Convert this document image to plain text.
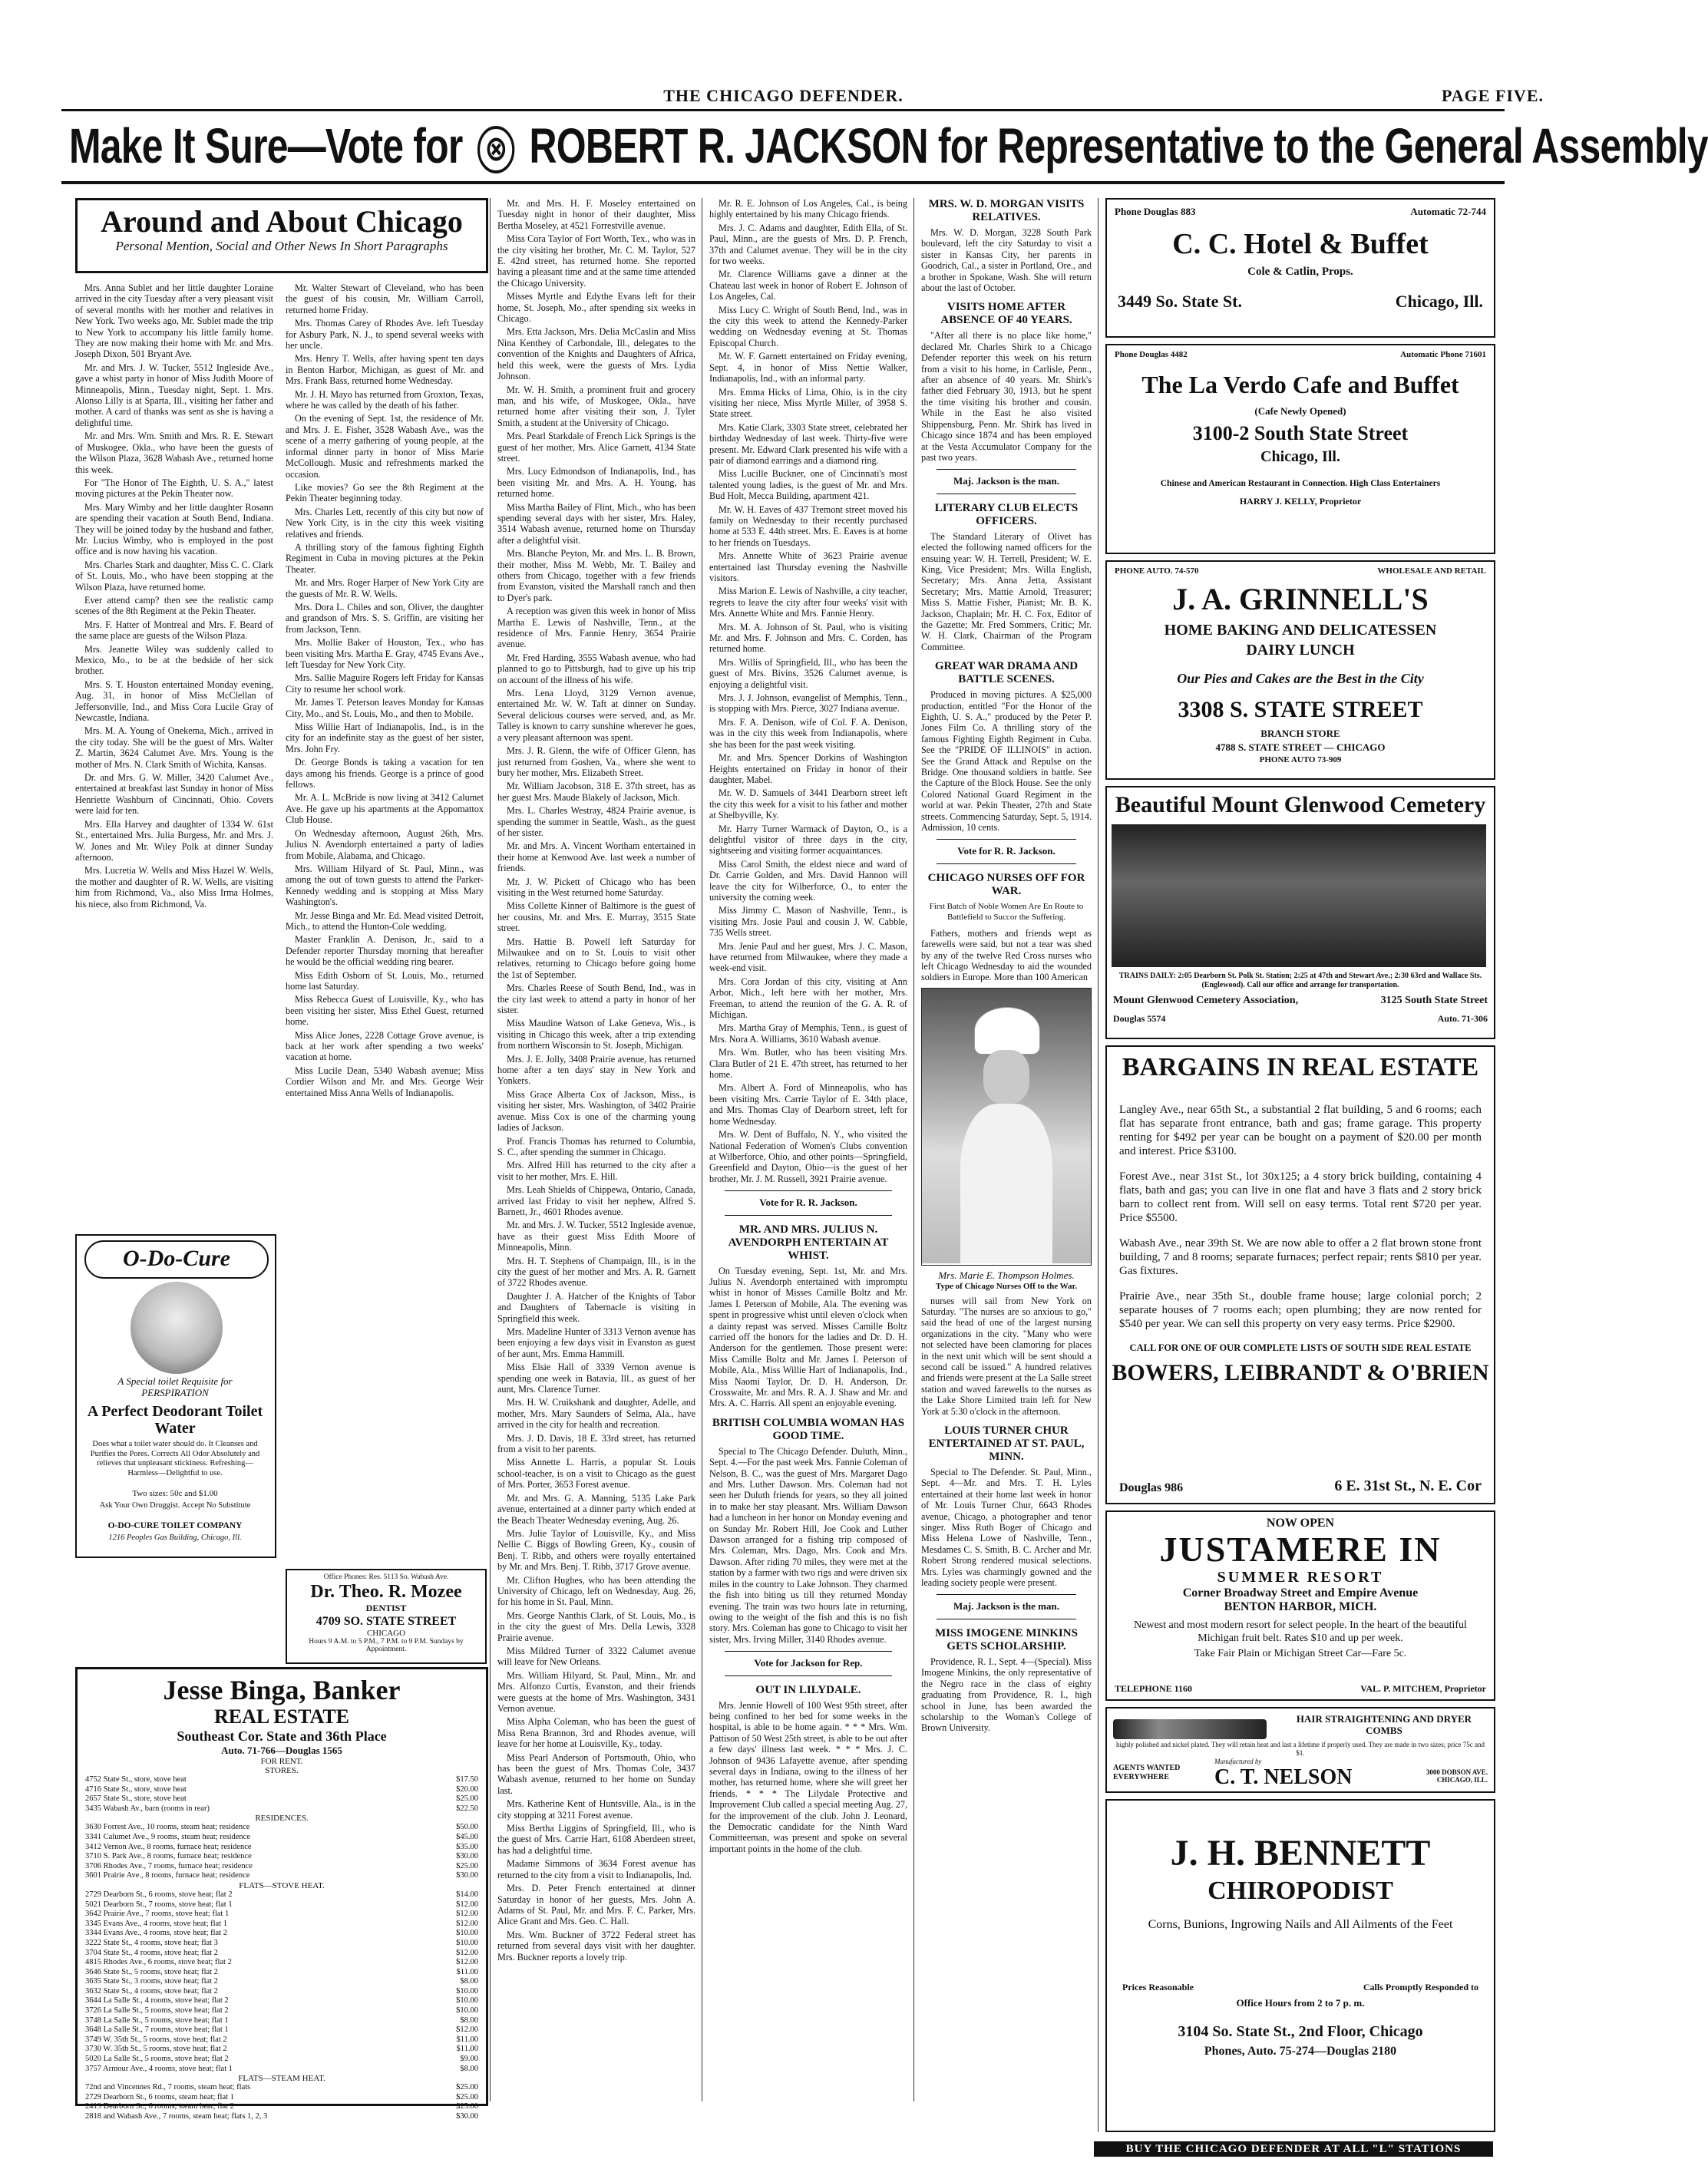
THE CHICAGO DEFENDER.	PAGE FIVE.
Make It Sure—Vote for ⊗ ROBERT R. JACKSON for Representative to the General Assembly
Around and About Chicago
Personal Mention, Social and Other News In Short Paragraphs

Mrs. Anna Sublet and her little daughter Loraine arrived in the city Tuesday after a very pleasant visit of several months with her mother and relatives in New York. Two weeks ago, Mr. Sublet made the trip to New York to accompany his little family home. They are now making their home with Mr. and Mrs. Joseph Dixon, 501 Bryant Ave.

Mr. and Mrs. J. W. Tucker, 5512 Ingleside Ave., gave a whist party in honor of Miss Judith Moore of Minneapolis, Minn., Tuesday night, Sept. 1. Mrs. Alonso Lilly is at Sparta, Ill., visiting her father and mother. A card of thanks was sent as she is having a delightful time.

Mr. and Mrs. Wm. Smith and Mrs. R. E. Stewart of Muskogee, Okla., who have been the guests of the Wilson Plaza, 3628 Wabash Ave., returned home this week.

For "The Honor of The Eighth, U. S. A.," latest moving pictures at the Pekin Theater now.

Mrs. Mary Wimby and her little daughter Rosann are spending their vacation at South Bend, Indiana. They will be joined today by the husband and father, Mr. Lucius Wimby, who is employed in the post office and is now having his vacation.

Mrs. Charles Stark and daughter, Miss C. C. Clark of St. Louis, Mo., who have been stopping at the Wilson Plaza, have returned home.

Ever attend camp? then see the realistic camp scenes of the 8th Regiment at the Pekin Theater.

Mrs. F. Hatter of Montreal and Mrs. F. Beard of the same place are guests of the Wilson Plaza.

Mrs. Jeanette Wiley was suddenly called to Mexico, Mo., to be at the bedside of her sick brother.

Mrs. S. T. Houston entertained Monday evening, Aug. 31, in honor of Miss McClellan of Jeffersonville, Ind., and Miss Cora Lucile Gray of Newcastle, Indiana.

Mrs. M. A. Young of Onekema, Mich., arrived in the city today. She will be the guest of Mrs. Walter Z. Martin, 3624 Calumet Ave. Mrs. Young is the mother of Mrs. N. Clark Smith of Wichita, Kansas.

Dr. and Mrs. G. W. Miller, 3420 Calumet Ave., entertained at breakfast last Sunday in honor of Miss Henriette Washburn of Cincinnati, Ohio. Covers were laid for ten.

Mrs. Ella Harvey and daughter of 1334 W. 61st St., entertained Mrs. Julia Burgess, Mr. and Mrs. J. W. Jones and Mr. Wiley Polk at dinner Sunday afternoon.

Mrs. Lucretia W. Wells and Miss Hazel W. Wells, the mother and daughter of R. W. Wells, are visiting him from Richmond, Va., also Miss Irma Holmes, his niece, also from Richmond, Va.

Mr. Walter Stewart of Cleveland, who has been the guest of his cousin, Mr. William Carroll, returned home Friday.

Mrs. Thomas Carey of Rhodes Ave. left Tuesday for Asbury Park, N. J., to spend several weeks with her uncle.

Mrs. Henry T. Wells, after having spent ten days in Benton Harbor, Michigan, as guest of Mr. and Mrs. Frank Bass, returned home Wednesday.

Mr. J. H. Mayo has returned from Groxton, Texas, where he was called by the death of his father.

On the evening of Sept. 1st, the residence of Mr. and Mrs. J. E. Fisher, 3528 Wabash Ave., was the scene of a merry gathering of young people, at the informal dinner party in honor of Miss Marie McCollough. Music and refreshments marked the occasion.

Like movies? Go see the 8th Regiment at the Pekin Theater beginning today.

Mrs. Charles Lett, recently of this city but now of New York City, is in the city this week visiting relatives and friends.

A thrilling story of the famous fighting Eighth Regiment in Cuba in moving pictures at the Pekin Theater.

Mr. and Mrs. Roger Harper of New York City are the guests of Mr. R. W. Wells.

Mrs. Dora L. Chiles and son, Oliver, the daughter and grandson of Mrs. S. S. Griffin, are visiting her from Jackson, Tenn.

Mrs. Mollie Baker of Houston, Tex., who has been visiting Mrs. Martha E. Gray, 4745 Evans Ave., left Tuesday for New York City.

Mrs. Sallie Maguire Rogers left Friday for Kansas City to resume her school work.

Mr. James T. Peterson leaves Monday for Kansas City, Mo., and St. Louis, Mo., and then to Mobile.

Miss Willie Hart of Indianapolis, Ind., is in the city for an indefinite stay as the guest of her sister, Mrs. John Fry.

Dr. George Bonds is taking a vacation for ten days among his friends. George is a prince of good fellows.

Mr. A. L. McBride is now living at 3412 Calumet Ave. He gave up his apartments at the Appomattox Club House.

On Wednesday afternoon, August 26th, Mrs. Julius N. Avendorph entertained a party of ladies from Mobile, Alabama, and Chicago.

Mrs. William Hilyard of St. Paul, Minn., was among the out of town guests to attend the Parker-Kennedy wedding and is stopping at Miss Mary Washington's.

Mr. Jesse Binga and Mr. Ed. Mead visited Detroit, Mich., to attend the Hunton-Cole wedding.

Master Franklin A. Denison, Jr., said to a Defender reporter Thursday morning that hereafter he would be the official wedding ring bearer.

Miss Edith Osborn of St. Louis, Mo., returned home last Saturday.

Miss Rebecca Guest of Louisville, Ky., who has been visiting her sister, Miss Ethel Guest, returned home.

Miss Alice Jones, 2228 Cottage Grove avenue, is back at her work after spending a two weeks' vacation at home.

Miss Lucile Dean, 5340 Wabash avenue; Miss Cordier Wilson and Mr. and Mrs. George Weir entertained Miss Anna Wells of Indianapolis.

O-Do-Cure
A Special toilet Requisite for PERSPIRATION
A Perfect Deodorant Toilet Water
Does what a toilet water should do. It Cleanses and Purifies the Pores. Corrects All Odor Absolutely and relieves that unpleasant stickiness. Refreshing—Harmless—Delightful to use.
Two sizes: 50c and $1.00
Ask Your Own Druggist. Accept No Substitute
O-DO-CURE TOILET COMPANY
1216 Peoples Gas Building, Chicago, Ill.
Office Phones: Res. 5113 So. Wabash Ave.
Dr. Theo. R. Mozee
DENTIST
4709 SO. STATE STREET
CHICAGO
Hours 9 A.M. to 5 P.M., 7 P.M. to 9 P.M. Sundays by Appointment.
Jesse Binga, Banker
REAL ESTATE
Southeast Cor. State and 36th Place
Auto. 71-766—Douglas 1565
FOR RENT.
STORES.
4752 State St., store, stove heat	$17.50
4716 State St., store, stove heat	$20.00
2657 State St., store, stove heat	$25.00
3435 Wabash Av., barn (rooms in rear)	$22.50
RESIDENCES.
3630 Forrest Ave., 10 rooms, steam heat; residence	$50.00
3341 Calumet Ave., 9 rooms, steam heat; residence	$45.00
3412 Vernon Ave., 8 rooms, furnace heat; residence	$35.00
3710 S. Park Ave., 8 rooms, furnace heat; residence	$30.00
3706 Rhodes Ave., 7 rooms, furnace heat; residence	$25.00
3601 Prairie Ave., 8 rooms, furnace heat; residence	$30.00
FLATS—STOVE HEAT.
2729 Dearborn St., 6 rooms, stove heat; flat 2	$14.00
5021 Dearborn St., 7 rooms, stove heat; flat 1	$12.00
3642 Prairie Ave., 7 rooms, stove heat; flat 1	$12.00
3345 Evans Ave., 4 rooms, stove heat; flat 1	$12.00
3344 Evans Ave., 4 rooms, stove heat; flat 2	$10.00
3222 State St., 4 rooms, stove heat; flat 3	$10.00
3704 State St., 4 rooms, stove heat; flat 2	$12.00
4815 Rhodes Ave., 6 rooms, stove heat; flat 2	$12.00
3646 State St., 5 rooms, stove heat; flat 2	$11.00
3635 State St., 3 rooms, stove heat; flat 2	$8.00
3632 State St., 4 rooms, stove heat; flat 2	$10.00
3644 La Salle St., 4 rooms, stove heat; flat 2	$10.00
3726 La Salle St., 5 rooms, stove heat; flat 2	$10.00
3748 La Salle St., 5 rooms, stove heat; flat 1	$8.00
3648 La Salle St., 7 rooms, stove heat; flat 1	$12.00
3749 W. 35th St., 5 rooms, stove heat; flat 2	$11.00
3730 W. 35th St., 5 rooms, stove heat; flat 2	$11.00
5020 La Salle St., 5 rooms, stove heat; flat 2	$9.00
3757 Armour Ave., 4 rooms, stove heat; flat 1	$8.00
FLATS—STEAM HEAT.
72nd and Vincennes Rd., 7 rooms, steam heat; flats	$25.00
2729 Dearborn St., 6 rooms, steam heat; flat 1	$25.00
2419 Dearborn St., 6 rooms, steam heat; flat 2	$25.00
2818 and Wabash Ave., 7 rooms, steam heat; flats 1, 2, 3	$30.00

Mr. and Mrs. H. F. Moseley entertained on Tuesday night in honor of their daughter, Miss Bertha Moseley, at 4521 Forrestville avenue.

Miss Cora Taylor of Fort Worth, Tex., who was in the city visiting her brother, Mr. C. M. Taylor, 527 E. 42nd street, has returned home. She reported having a pleasant time and at the same time attended the Chicago University.

Misses Myrtle and Edythe Evans left for their home, St. Joseph, Mo., after spending six weeks in Chicago.

Mrs. Etta Jackson, Mrs. Delia McCaslin and Miss Nina Kenthey of Carbondale, Ill., delegates to the convention of the Knights and Daughters of Africa, held this week, were the guests of Mrs. Lydia Johnson.

Mr. W. H. Smith, a prominent fruit and grocery man, and his wife, of Muskogee, Okla., have returned home after visiting their son, J. Tyler Smith, a student at the University of Chicago.

Mrs. Pearl Starkdale of French Lick Springs is the guest of her mother, Mrs. Alice Garnett, 4134 State street.

Mrs. Lucy Edmondson of Indianapolis, Ind., has been visiting Mr. and Mrs. A. H. Young, has returned home.

Miss Martha Bailey of Flint, Mich., who has been spending several days with her sister, Mrs. Haley, 3514 Wabash avenue, returned home on Thursday after a delightful visit.

Mrs. Blanche Peyton, Mr. and Mrs. L. B. Brown, their mother, Miss M. Webb, Mr. T. Bailey and others from Chicago, together with a few friends from Evanston, visited the Marshall ranch and then to Dyer's park.

A reception was given this week in honor of Miss Martha E. Lewis of Nashville, Tenn., at the residence of Mrs. Fannie Henry, 3654 Prairie avenue.

Mr. Fred Harding, 3555 Wabash avenue, who had planned to go to Pittsburgh, had to give up his trip on account of the illness of his wife.

Mrs. Lena Lloyd, 3129 Vernon avenue, entertained Mr. W. W. Taft at dinner on Sunday. Several delicious courses were served, and, as Mr. Talley is known to carry sunshine wherever he goes, a very pleasant afternoon was spent.

Mrs. J. R. Glenn, the wife of Officer Glenn, has just returned from Goshen, Va., where she went to bury her mother, Mrs. Elizabeth Street.

Mr. William Jacobson, 318 E. 37th street, has as her guest Mrs. Maude Blakely of Jackson, Mich.

Mrs. L. Charles Westray, 4824 Prairie avenue, is spending the summer in Seattle, Wash., as the guest of her sister.

Mr. and Mrs. A. Vincent Wortham entertained in their home at Kenwood Ave. last week a number of friends.

Mr. J. W. Pickett of Chicago who has been visiting in the West returned home Saturday.

Miss Collette Kinner of Baltimore is the guest of her cousins, Mr. and Mrs. E. Murray, 3515 State street.

Mrs. Hattie B. Powell left Saturday for Milwaukee and on to St. Louis to visit other relatives, returning to Chicago before going home the 1st of September.

Mrs. Charles Reese of South Bend, Ind., was in the city last week to attend a party in honor of her sister.

Miss Maudine Watson of Lake Geneva, Wis., is visiting in Chicago this week, after a trip extending from northern Wisconsin to St. Joseph, Michigan.

Mrs. J. E. Jolly, 3408 Prairie avenue, has returned home after a ten days' stay in New York and Yonkers.

Miss Grace Alberta Cox of Jackson, Miss., is visiting her sister, Mrs. Washington, of 3402 Prairie avenue. Miss Cox is one of the charming young ladies of Jackson.

Prof. Francis Thomas has returned to Columbia, S. C., after spending the summer in Chicago.

Mrs. Alfred Hill has returned to the city after a visit to her mother, Mrs. E. Hill.

Mrs. Leah Shields of Chippewa, Ontario, Canada, arrived last Friday to visit her nephew, Alfred S. Barnett, Jr., 4601 Rhodes avenue.

Mr. and Mrs. J. W. Tucker, 5512 Ingleside avenue, have as their guest Miss Edith Moore of Minneapolis, Minn.

Mrs. H. T. Stephens of Champaign, Ill., is in the city the guest of her mother and Mrs. A. R. Garnett of 3722 Rhodes avenue.

Daughter J. A. Hatcher of the Knights of Tabor and Daughters of Tabernacle is visiting in Springfield this week.

Mrs. Madeline Hunter of 3313 Vernon avenue has been enjoying a few days visit in Evanston as guest of her aunt, Mrs. Emma Hammill.

Miss Elsie Hall of 3339 Vernon avenue is spending one week in Batavia, Ill., as guest of her aunt, Mrs. Clarence Turner.

Mrs. H. W. Cruikshank and daughter, Adelle, and mother, Mrs. Mary Saunders of Selma, Ala., have arrived in the city for health and recreation.

Mrs. J. D. Davis, 18 E. 33rd street, has returned from a visit to her parents.

Miss Annette L. Harris, a popular St. Louis school-teacher, is on a visit to Chicago as the guest of Mrs. Porter, 3653 Forest avenue.

Mr. and Mrs. G. A. Manning, 5135 Lake Park avenue, entertained at a dinner party which ended at the Beach Theater Wednesday evening, Aug. 26.

Mrs. Julie Taylor of Louisville, Ky., and Miss Nellie C. Biggs of Bowling Green, Ky., cousin of Benj. T. Ribb, and others were royally entertained by Mr. and Mrs. Benj. T. Ribb, 3717 Grove avenue.

Mr. Clifton Hughes, who has been attending the University of Chicago, left on Wednesday, Aug. 26, for his home in St. Paul, Minn.

Mrs. George Nanthis Clark, of St. Louis, Mo., is in the city the guest of Mrs. Della Lewis, 3328 Prairie avenue.

Miss Mildred Turner of 3322 Calumet avenue will leave for New Orleans.

Mrs. William Hilyard, St. Paul, Minn., Mr. and Mrs. Alfonzo Curtis, Evanston, and their friends were guests at the home of Mrs. Washington, 3431 Vernon avenue.

Miss Alpha Coleman, who has been the guest of Miss Rena Brannon, 3rd and Rhodes avenue, will leave for her home at Louisville, Ky., today.

Miss Pearl Anderson of Portsmouth, Ohio, who has been the guest of Mrs. Thomas Cole, 3437 Wabash avenue, returned to her home on Sunday last.

Mrs. Katherine Kent of Huntsville, Ala., is in the city stopping at 3211 Forest avenue.

Miss Bertha Liggins of Springfield, Ill., who is the guest of Mrs. Carrie Hart, 6108 Aberdeen street, has had a delightful time.

Madame Simmons of 3634 Forest avenue has returned to the city from a visit to Indianapolis, Ind.

Mrs. D. Peter French entertained at dinner Saturday in honor of her guests, Mrs. John A. Adams of St. Paul, Mr. and Mrs. F. C. Parker, Mrs. Alice Grant and Mrs. Geo. C. Hall.

Mrs. Wm. Buckner of 3722 Federal street has returned from several days visit with her daughter. Mrs. Buckner reports a lovely trip.

Mr. R. E. Johnson of Los Angeles, Cal., is being highly entertained by his many Chicago friends.

Mrs. J. C. Adams and daughter, Edith Ella, of St. Paul, Minn., are the guests of Mrs. D. P. French, 37th and Calumet avenue. They will be in the city for two weeks.

Mr. Clarence Williams gave a dinner at the Chateau last week in honor of Robert E. Johnson of Los Angeles, Cal.

Miss Lucy C. Wright of South Bend, Ind., was in the city this week to attend the Kennedy-Parker wedding on Wednesday evening at St. Thomas Episcopal Church.

Mr. W. F. Garnett entertained on Friday evening, Sept. 4, in honor of Miss Nettie Walker, Indianapolis, Ind., with an informal party.

Mrs. Emma Hicks of Lima, Ohio, is in the city visiting her niece, Miss Myrtle Miller, of 3958 S. State street.

Mrs. Katie Clark, 3303 State street, celebrated her birthday Wednesday of last week. Thirty-five were present. Mr. Edward Clark presented his wife with a pair of diamond earrings and a diamond ring.

Miss Lucille Buckner, one of Cincinnati's most talented young ladies, is the guest of Mr. and Mrs. Bud Holt, Mecca Building, apartment 421.

Mr. W. H. Eaves of 437 Tremont street moved his family on Wednesday to their recently purchased home at 533 E. 44th street. Mrs. E. Eaves is at home to her friends on Tuesdays.

Mrs. Annette White of 3623 Prairie avenue entertained last Thursday evening the Nashville visitors.

Miss Marion E. Lewis of Nashville, a city teacher, regrets to leave the city after four weeks' visit with Mrs. Annette White and Mrs. Fannie Henry.

Mrs. M. A. Johnson of St. Paul, who is visiting Mr. and Mrs. F. Johnson and Mrs. C. Corden, has returned home.

Mrs. Willis of Springfield, Ill., who has been the guest of Mrs. Bivins, 3526 Calumet avenue, is enjoying a delightful visit.

Mrs. J. J. Johnson, evangelist of Memphis, Tenn., is stopping with Mrs. Pierce, 3027 Indiana avenue.

Mrs. F. A. Denison, wife of Col. F. A. Denison, was in the city this week from Indianapolis, where she has been for the past week visiting.

Mr. and Mrs. Spencer Dorkins of Washington Heights entertained on Friday in honor of their daughter, Mabel.

Mr. W. D. Samuels of 3441 Dearborn street left the city this week for a visit to his father and mother at Shelbyville, Ky.

Mr. Harry Turner Warmack of Dayton, O., is a delightful visitor of three days in the city, sightseeing and visiting former acquaintances.

Miss Carol Smith, the eldest niece and ward of Dr. Carrie Golden, and Mrs. David Hannon will leave the city for Wilberforce, O., to enter the university the coming week.

Miss Jimmy C. Mason of Nashville, Tenn., is visiting Mrs. Josie Paul and cousin J. W. Cabble, 735 Wells street.

Mrs. Jenie Paul and her guest, Mrs. J. C. Mason, have returned from Milwaukee, where they made a week-end visit.

Mrs. Cora Jordan of this city, visiting at Ann Arbor, Mich., left here with her mother, Mrs. Freeman, to attend the reunion of the G. A. R. of Michigan.

Mrs. Martha Gray of Memphis, Tenn., is guest of Mrs. Nora A. Williams, 3610 Wabash avenue.

Mrs. Wm. Butler, who has been visiting Mrs. Clara Butler of 21 E. 47th street, has returned to her home.

Mrs. Albert A. Ford of Minneapolis, who has been visiting Mrs. Carrie Taylor of E. 34th place, and Mrs. Thomas Clay of Dearborn street, left for home Wednesday.

Mrs. W. Dent of Buffalo, N. Y., who visited the National Federation of Women's Clubs convention at Wilberforce, Ohio, and other points—Springfield, Greenfield and Dayton, Ohio—is the guest of her brother, Mr. J. M. Russell, 3921 Prairie avenue.

Vote for R. R. Jackson.
MR. AND MRS. JULIUS N. AVENDORPH ENTERTAIN AT WHIST.

On Tuesday evening, Sept. 1st, Mr. and Mrs. Julius N. Avendorph entertained with impromptu whist in honor of Misses Camille Boltz and Mr. James I. Peterson of Mobile, Ala. The evening was spent in progressive whist until eleven o'clock when a dainty repast was served. Misses Camille Boltz carried off the honors for the ladies and Dr. D. H. Anderson for the gentlemen. Those present were: Miss Camille Boltz and Mr. James I. Peterson of Mobile, Ala., Miss Willie Hart of Indianapolis, Ind., Miss Naomi Taylor, Dr. D. H. Anderson, Dr. Crosswaite, Mr. and Mrs. R. A. J. Shaw and Mr. and Mrs. A. C. Harris. All spent an enjoyable evening.

BRITISH COLUMBIA WOMAN HAS GOOD TIME.

Special to The Chicago Defender. Duluth, Minn., Sept. 4.—For the past week Mrs. Fannie Coleman of Nelson, B. C., was the guest of Mrs. Margaret Dago and Mrs. Luther Dawson. Mrs. Coleman had not seen her Duluth friends for years, so they all joined in to make her stay pleasant. Mrs. William Dawson had a luncheon in her honor on Monday evening and on Sunday Mr. Robert Hill, Joe Cook and Luther Dawson arranged for a fishing trip composed of Mrs. Coleman, Mrs. Dago, Mrs. Cook and Mrs. Dawson. After riding 70 miles, they were met at the station by a farmer with two rigs and were driven six miles in the country to Lake Johnson. They charmed the fish into biting us till they returned Monday evening. The train was two hours late in returning, owing to the weight of the fish and this is no fish story. Mrs. Coleman has gone to Chicago to visit her sister, Mrs. Irving Miller, 3140 Rhodes avenue.

Vote for Jackson for Rep.
OUT IN LILYDALE.

Mrs. Jennie Howell of 100 West 95th street, after being confined to her bed for some weeks in the hospital, is able to be home again. * * * Mrs. Wm. Pattison of 50 West 25th street, is able to be out after a few days' illness last week. * * * Mrs. J. C. Johnson of 9436 Lafayette avenue, after spending several days in Indiana, owing to the illness of her mother, has returned home, where she will greet her friends. * * * The Lilydale Protective and Improvement Club called a special meeting Aug. 27, for the improvement of the club. John J. Leonard, the Democratic candidate for the Ninth Ward Committeeman, was present and spoke on several important points in the home of the club.

MRS. W. D. MORGAN VISITS RELATIVES.

Mrs. W. D. Morgan, 3228 South Park boulevard, left the city Saturday to visit a sister in Kansas City, her parents in Goodrich, Cal., a sister in Portland, Ore., and a brother in Spokane, Wash. She will return about the last of October.

VISITS HOME AFTER ABSENCE OF 40 YEARS.

"After all there is no place like home," declared Mr. Charles Shirk to a Chicago Defender reporter this week on his return from a visit to his home, in Carlisle, Penn., after an absence of 40 years. Mr. Shirk's father died February 30, 1913, but he spent the time visiting his brother and cousin. While in the East he also visited Shippensburg, Penn. Mr. Shirk has lived in Chicago since 1874 and has been employed at the Vesta Accumulator Company for the past two years.

Maj. Jackson is the man.
LITERARY CLUB ELECTS OFFICERS.

The Standard Literary of Olivet has elected the following named officers for the ensuing year: W. H. Terrell, President; W. E. King, Vice President; Mrs. Willa English, Secretary; Mrs. Anna Jetta, Assistant Secretary; Mrs. Mattie Arnold, Treasurer; Miss S. Mattie Fisher, Pianist; Mr. B. K. Jackson, Chaplain; Mr. H. C. Fox, Editor of the Gazette; Mr. Fred Sommers, Critic; Mr. W. H. Clark, Chairman of the Program Committee.

GREAT WAR DRAMA AND BATTLE SCENES.

Produced in moving pictures. A $25,000 production, entitled "For the Honor of the Eighth, U. S. A.," produced by the Peter P. Jones Film Co. A thrilling story of the famous Fighting Eighth Regiment in Cuba. See the "PRIDE OF ILLINOIS" in action. See the Grand Attack and Repulse on the Bridge. One thousand soldiers in battle. See the Capture of the Block House. See the only Colored National Guard Regiment in the world at war. Pekin Theater, 27th and State streets. Commencing Saturday, Sept. 5, 1914. Admission, 10 cents.

Vote for R. R. Jackson.
CHICAGO NURSES OFF FOR WAR.
First Batch of Noble Women Are En Route to Battlefield to Succor the Suffering.

Fathers, mothers and friends wept as farewells were said, but not a tear was shed by any of the twelve Red Cross nurses who left Chicago Wednesday to aid the wounded soldiers in Europe. More than 100 American

Mrs. Marie E. Thompson Holmes.
Type of Chicago Nurses Off to the War.

nurses will sail from New York on Saturday. "The nurses are so anxious to go," said the head of one of the largest nursing organizations in the city. "Many who were not selected have been clamoring for places in the next unit which will be sent should a second call be issued." A hundred relatives and friends were present at the La Salle street station and waved farewells to the nurses as the Lake Shore Limited train left for New York at 5:30 o'clock in the afternoon.

LOUIS TURNER CHUR ENTERTAINED AT ST. PAUL, MINN.

Special to The Defender. St. Paul, Minn., Sept. 4—Mr. and Mrs. T. H. Lyles entertained at their home last week in honor of Mr. Louis Turner Chur, 6643 Rhodes avenue, Chicago, a photographer and tenor singer. Miss Ruth Boger of Chicago and Miss Helena Lowe of Nashville, Tenn., Mesdames C. S. Smith, B. C. Archer and Mr. Robert Strong rendered musical selections. Mrs. Lyles was charmingly gowned and the leading society people were present.

Maj. Jackson is the man.
MISS IMOGENE MINKINS GETS SCHOLARSHIP.

Providence, R. I., Sept. 4—(Special). Miss Imogene Minkins, the only representative of the Negro race in the class of eighty graduating from Providence, R. I., high school in June, has been awarded the scholarship to the Woman's College of Brown University.

Phone Douglas 883	Automatic 72-744
C. C. Hotel & Buffet
Cole & Catlin, Props.
3449 So. State St.	Chicago, Ill.
Phone Douglas 4482	Automatic Phone 71601
The La Verdo Cafe and Buffet
(Cafe Newly Opened)
3100-2 South State Street
Chicago, Ill.
Chinese and American Restaurant in Connection. High Class Entertainers
HARRY J. KELLY, Proprietor
PHONE AUTO. 74-570	WHOLESALE AND RETAIL
J. A. GRINNELL'S
HOME BAKING AND DELICATESSEN
DAIRY LUNCH
Our Pies and Cakes are the Best in the City
3308 S. STATE STREET
BRANCH STORE
4788 S. STATE STREET — CHICAGO
PHONE AUTO 73-909
Beautiful Mount Glenwood Cemetery
TRAINS DAILY: 2:05 Dearborn St. Polk St. Station; 2:25 at 47th and Stewart Ave.; 2:30 63rd and Wallace Sts. (Englewood). Call our office and arrange for transportation.
Mount Glenwood Cemetery Association,	3125 South State Street
Douglas 5574	Auto. 71-306
BARGAINS IN REAL ESTATE

Langley Ave., near 65th St., a substantial 2 flat building, 5 and 6 rooms; each flat has separate front entrance, bath and gas; frame garage. This property renting for $492 per year can be bought on a payment of $20.00 per month and interest. Price $3100.

Forest Ave., near 31st St., lot 30x125; a 4 story brick building, containing 4 flats, bath and gas; you can live in one flat and have 3 flats and 2 story brick barn to collect rent from. Will sell on easy terms. Total rent $720 per year. Price $5500.

Wabash Ave., near 39th St. We are now able to offer a 2 flat brown stone front building, 7 and 8 rooms; separate furnaces; perfect repair; rents $810 per year. Gas fixtures.

Prairie Ave., near 35th St., double frame house; large colonial porch; 2 separate houses of 7 rooms each; open plumbing; they are now rented for $540 per year. We can sell this property on very easy terms. Price $2900.

CALL FOR ONE OF OUR COMPLETE LISTS OF SOUTH SIDE REAL ESTATE
BOWERS, LEIBRANDT & O'BRIEN
Douglas 986	6 E. 31st St., N. E. Cor
NOW OPEN
JUSTAMERE IN
SUMMER RESORT
Corner Broadway Street and Empire Avenue
BENTON HARBOR, MICH.
Newest and most modern resort for select people. In the heart of the beautiful Michigan fruit belt. Rates $10 and up per week.
Take Fair Plain or Michigan Street Car—Fare 5c.
TELEPHONE 1160	VAL. P. MITCHEM, Proprietor
HAIR STRAIGHTENING AND DRYER COMBS
highly polished and nickel plated. They will retain heat and last a lifetime if properly used. They are made in two sizes; price 75c and $1.
AGENTS WANTED EVERYWHERE
Manufactured by
C. T. NELSON	3000 DOBSON AVE. CHICAGO, ILL.
J. H. BENNETT
CHIROPODIST
Corns, Bunions, Ingrowing Nails and All Ailments of the Feet
Prices Reasonable	Calls Promptly Responded to
Office Hours from 2 to 7 p. m.
3104 So. State St., 2nd Floor, Chicago
Phones, Auto. 75-274—Douglas 2180
BUY THE CHICAGO DEFENDER AT ALL "L" STATIONS
